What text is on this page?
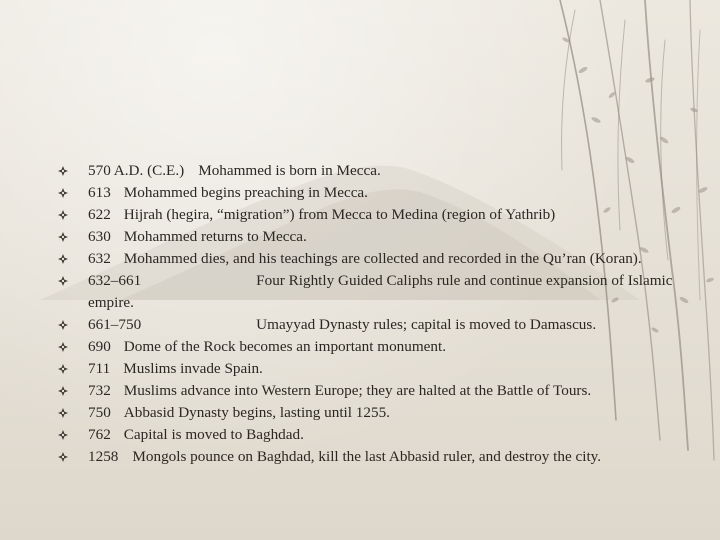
570 A.D. (C.E.) Mohammed is born in Mecca.
613 Mohammed begins preaching in Mecca.
622 Hijrah (hegira, “migration”) from Mecca to Medina (region of Yathrib)
630 Mohammed returns to Mecca.
632 Mohammed dies, and his teachings are collected and recorded in the Qu’ran (Koran).
632–661	Four Rightly Guided Caliphs rule and continue expansion of Islamic empire.
661–750	Umayyad Dynasty rules; capital is moved to Damascus.
690 Dome of the Rock becomes an important monument.
711 Muslims invade Spain.
732 Muslims advance into Western Europe; they are halted at the Battle of Tours.
750 Abbasid Dynasty begins, lasting until 1255.
762 Capital is moved to Baghdad.
1258 Mongols pounce on Baghdad, kill the last Abbasid ruler, and destroy the city.
